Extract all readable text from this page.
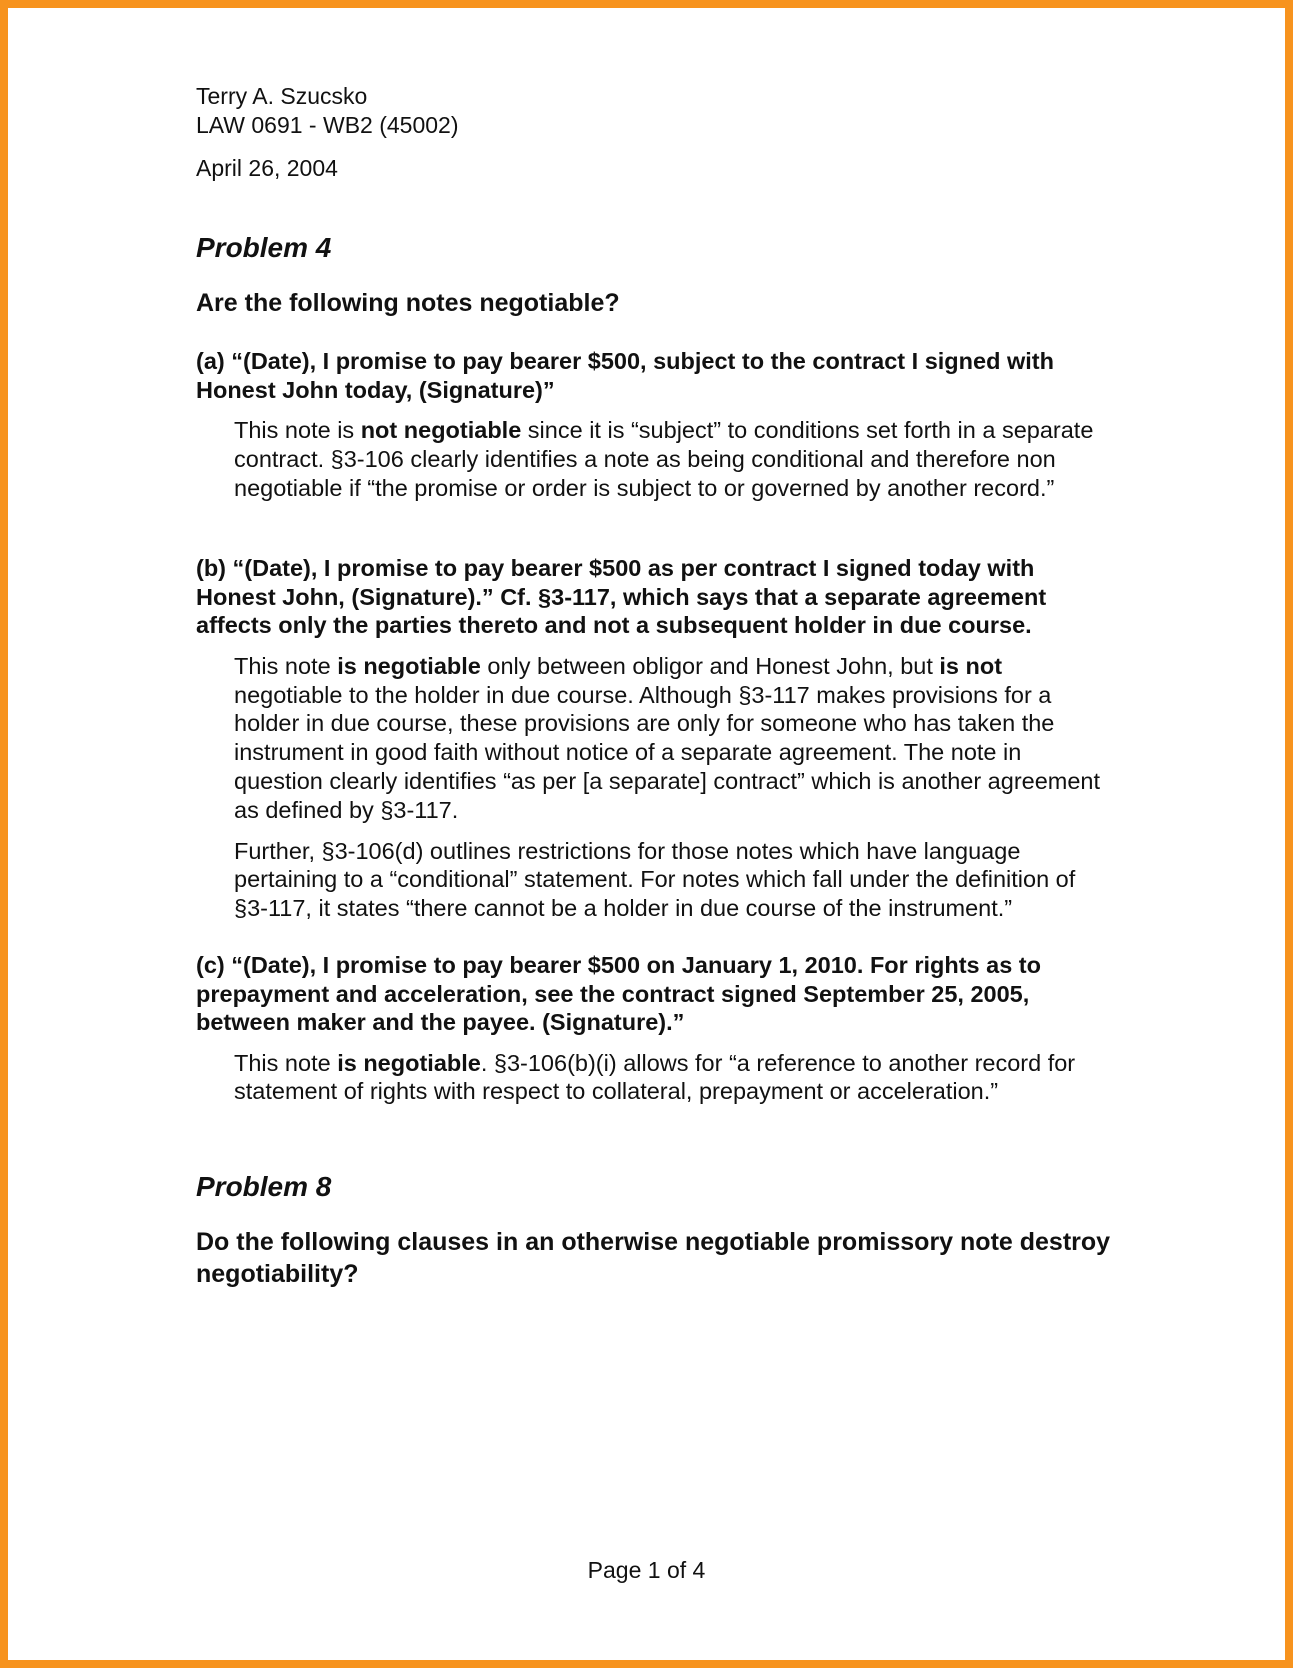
Terry A. Szucsko

LAW 0691 - WB2 (45002)

April 26, 2004

Problem 4
Are the following notes negotiable?

(a) “(Date), I promise to pay bearer $500, subject to the contract I signed with Honest John today, (Signature)”

This note is not negotiable since it is “subject” to conditions set forth in a separate contract. §3-106 clearly identifies a note as being conditional and therefore non negotiable if “the promise or order is subject to or governed by another record.”

(b) “(Date), I promise to pay bearer $500 as per contract I signed today with Honest John, (Signature).” Cf. §3-117, which says that a separate agreement affects only the parties thereto and not a subsequent holder in due course.

This note is negotiable only between obligor and Honest John, but is not negotiable to the holder in due course. Although §3-117 makes provisions for a holder in due course, these provisions are only for someone who has taken the instrument in good faith without notice of a separate agreement. The note in question clearly identifies “as per [a separate] contract” which is another agreement as defined by §3-117.

Further, §3-106(d) outlines restrictions for those notes which have language pertaining to a “conditional” statement. For notes which fall under the definition of §3-117, it states “there cannot be a holder in due course of the instrument.”

(c) “(Date), I promise to pay bearer $500 on January 1, 2010. For rights as to prepayment and acceleration, see the contract signed September 25, 2005, between maker and the payee. (Signature).”

This note is negotiable. §3-106(b)(i) allows for “a reference to another record for statement of rights with respect to collateral, prepayment or acceleration.”

Problem 8
Do the following clauses in an otherwise negotiable promissory note destroy negotiability?
Page 1 of 4
